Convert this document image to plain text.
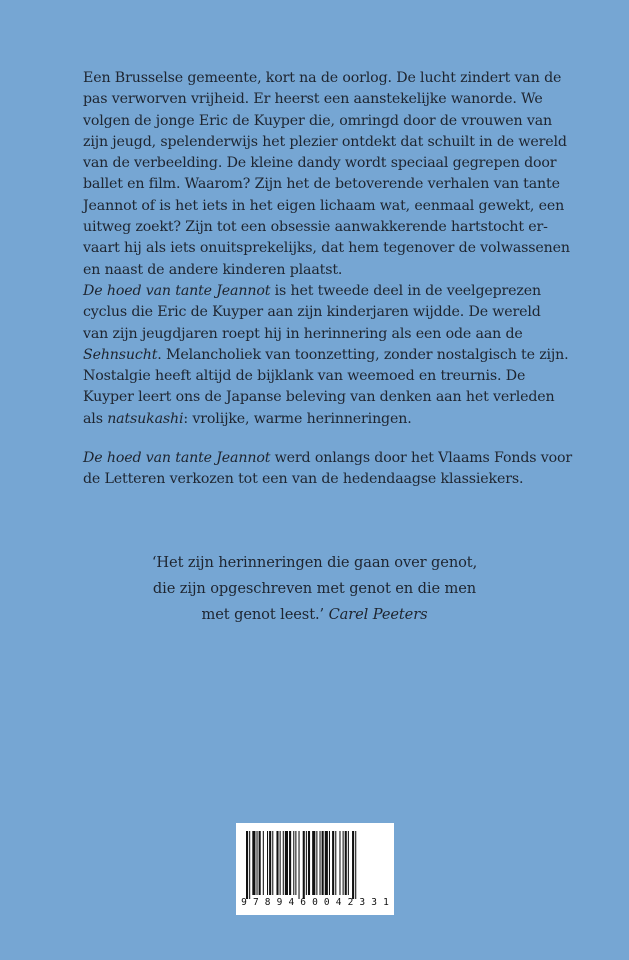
Een Brusselse gemeente, kort na de oorlog. De lucht zindert van de
pas verworven vrijheid. Er heerst een aanstekelijke wanorde. We
volgen de jonge Eric de Kuyper die, omringd door de vrouwen van
zijn jeugd, spelenderwijs het plezier ontdekt dat schuilt in de wereld
van de verbeelding. De kleine dandy wordt speciaal gegrepen door
ballet en film. Waarom? Zijn het de betoverende verhalen van tante
Jeannot of is het iets in het eigen lichaam wat, eenmaal gewekt, een
uitweg zoekt? Zijn tot een obsessie aanwakkerende hartstocht er-
vaart hij als iets onuitsprekelijks, dat hem tegenover de volwassenen
en naast de andere kinderen plaatst.
De hoed van tante Jeannot is het tweede deel in de veelgeprezen
cyclus die Eric de Kuyper aan zijn kinderjaren wijdde. De wereld
van zijn jeugdjaren roept hij in herinnering als een ode aan de
Sehnsucht. Melancholiek van toonzetting, zonder nostalgisch te zijn.
Nostalgie heeft altijd de bijklank van weemoed en treurnis. De
Kuyper leert ons de Japanse beleving van denken aan het verleden
als natsukashi: vrolijke, warme herinneringen.
De hoed van tante Jeannot werd onlangs door het Vlaams Fonds voor
de Letteren verkozen tot een van de hedendaagse klassiekers.
‘Het zijn herinneringen die gaan over genot,
die zijn opgeschreven met genot en die men
met genot leest.’ Carel Peeters
9 7 8 9 4 6 0 0 4 2 3 3 1
